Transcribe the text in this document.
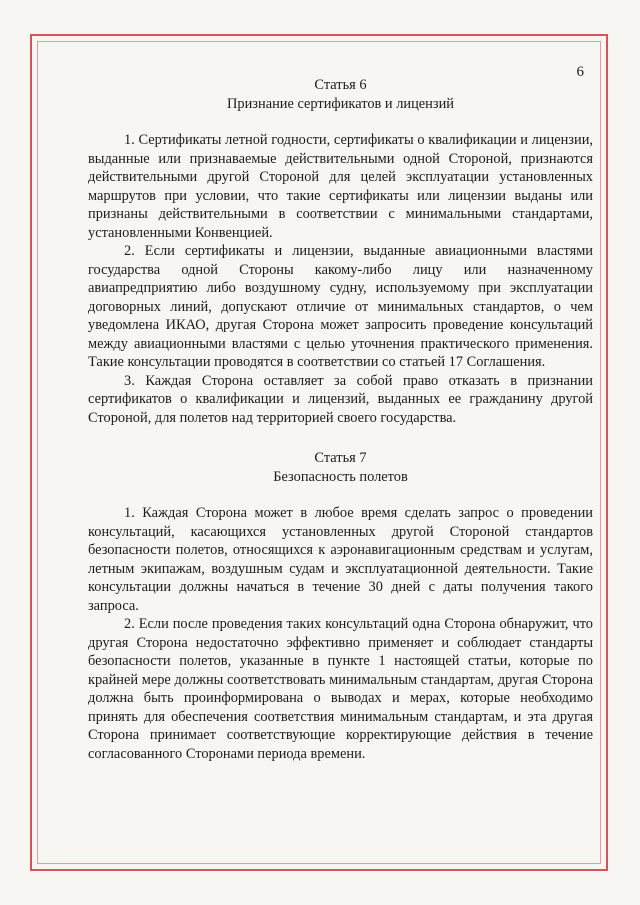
6
Статья 6
Признание сертификатов и лицензий

1. Сертификаты летной годности, сертификаты о квалификации и лицензии, выданные или признаваемые действительными одной Стороной, признаются действительными другой Стороной для целей эксплуатации установленных маршрутов при условии, что такие сертификаты или лицензии выданы или признаны действительными в соответствии с минимальными стандартами, установленными Конвенцией.

2. Если сертификаты и лицензии, выданные авиационными властями государства одной Стороны какому-либо лицу или назначенному авиапредприятию либо воздушному судну, используемому при эксплуатации договорных линий, допускают отличие от минимальных стандартов, о чем уведомлена ИКАО, другая Сторона может запросить проведение консультаций между авиационными властями с целью уточнения практического применения. Такие консультации проводятся в соответствии со статьей 17 Соглашения.

3. Каждая Сторона оставляет за собой право отказать в признании сертификатов о квалификации и лицензий, выданных ее гражданину другой Стороной, для полетов над территорией своего государства.

Статья 7
Безопасность полетов

1. Каждая Сторона может в любое время сделать запрос о проведении консультаций, касающихся установленных другой Стороной стандартов безопасности полетов, относящихся к аэронавигационным средствам и услугам, летным экипажам, воздушным судам и эксплуатационной деятельности. Такие консультации должны начаться в течение 30 дней с даты получения такого запроса.

2. Если после проведения таких консультаций одна Сторона обнаружит, что другая Сторона недостаточно эффективно применяет и соблюдает стандарты безопасности полетов, указанные в пункте 1 настоящей статьи, которые по крайней мере должны соответствовать минимальным стандартам, другая Сторона должна быть проинформирована о выводах и мерах, которые необходимо принять для обеспечения соответствия минимальным стандартам, и эта другая Сторона принимает соответствующие корректирующие действия в течение согласованного Сторонами периода времени.
